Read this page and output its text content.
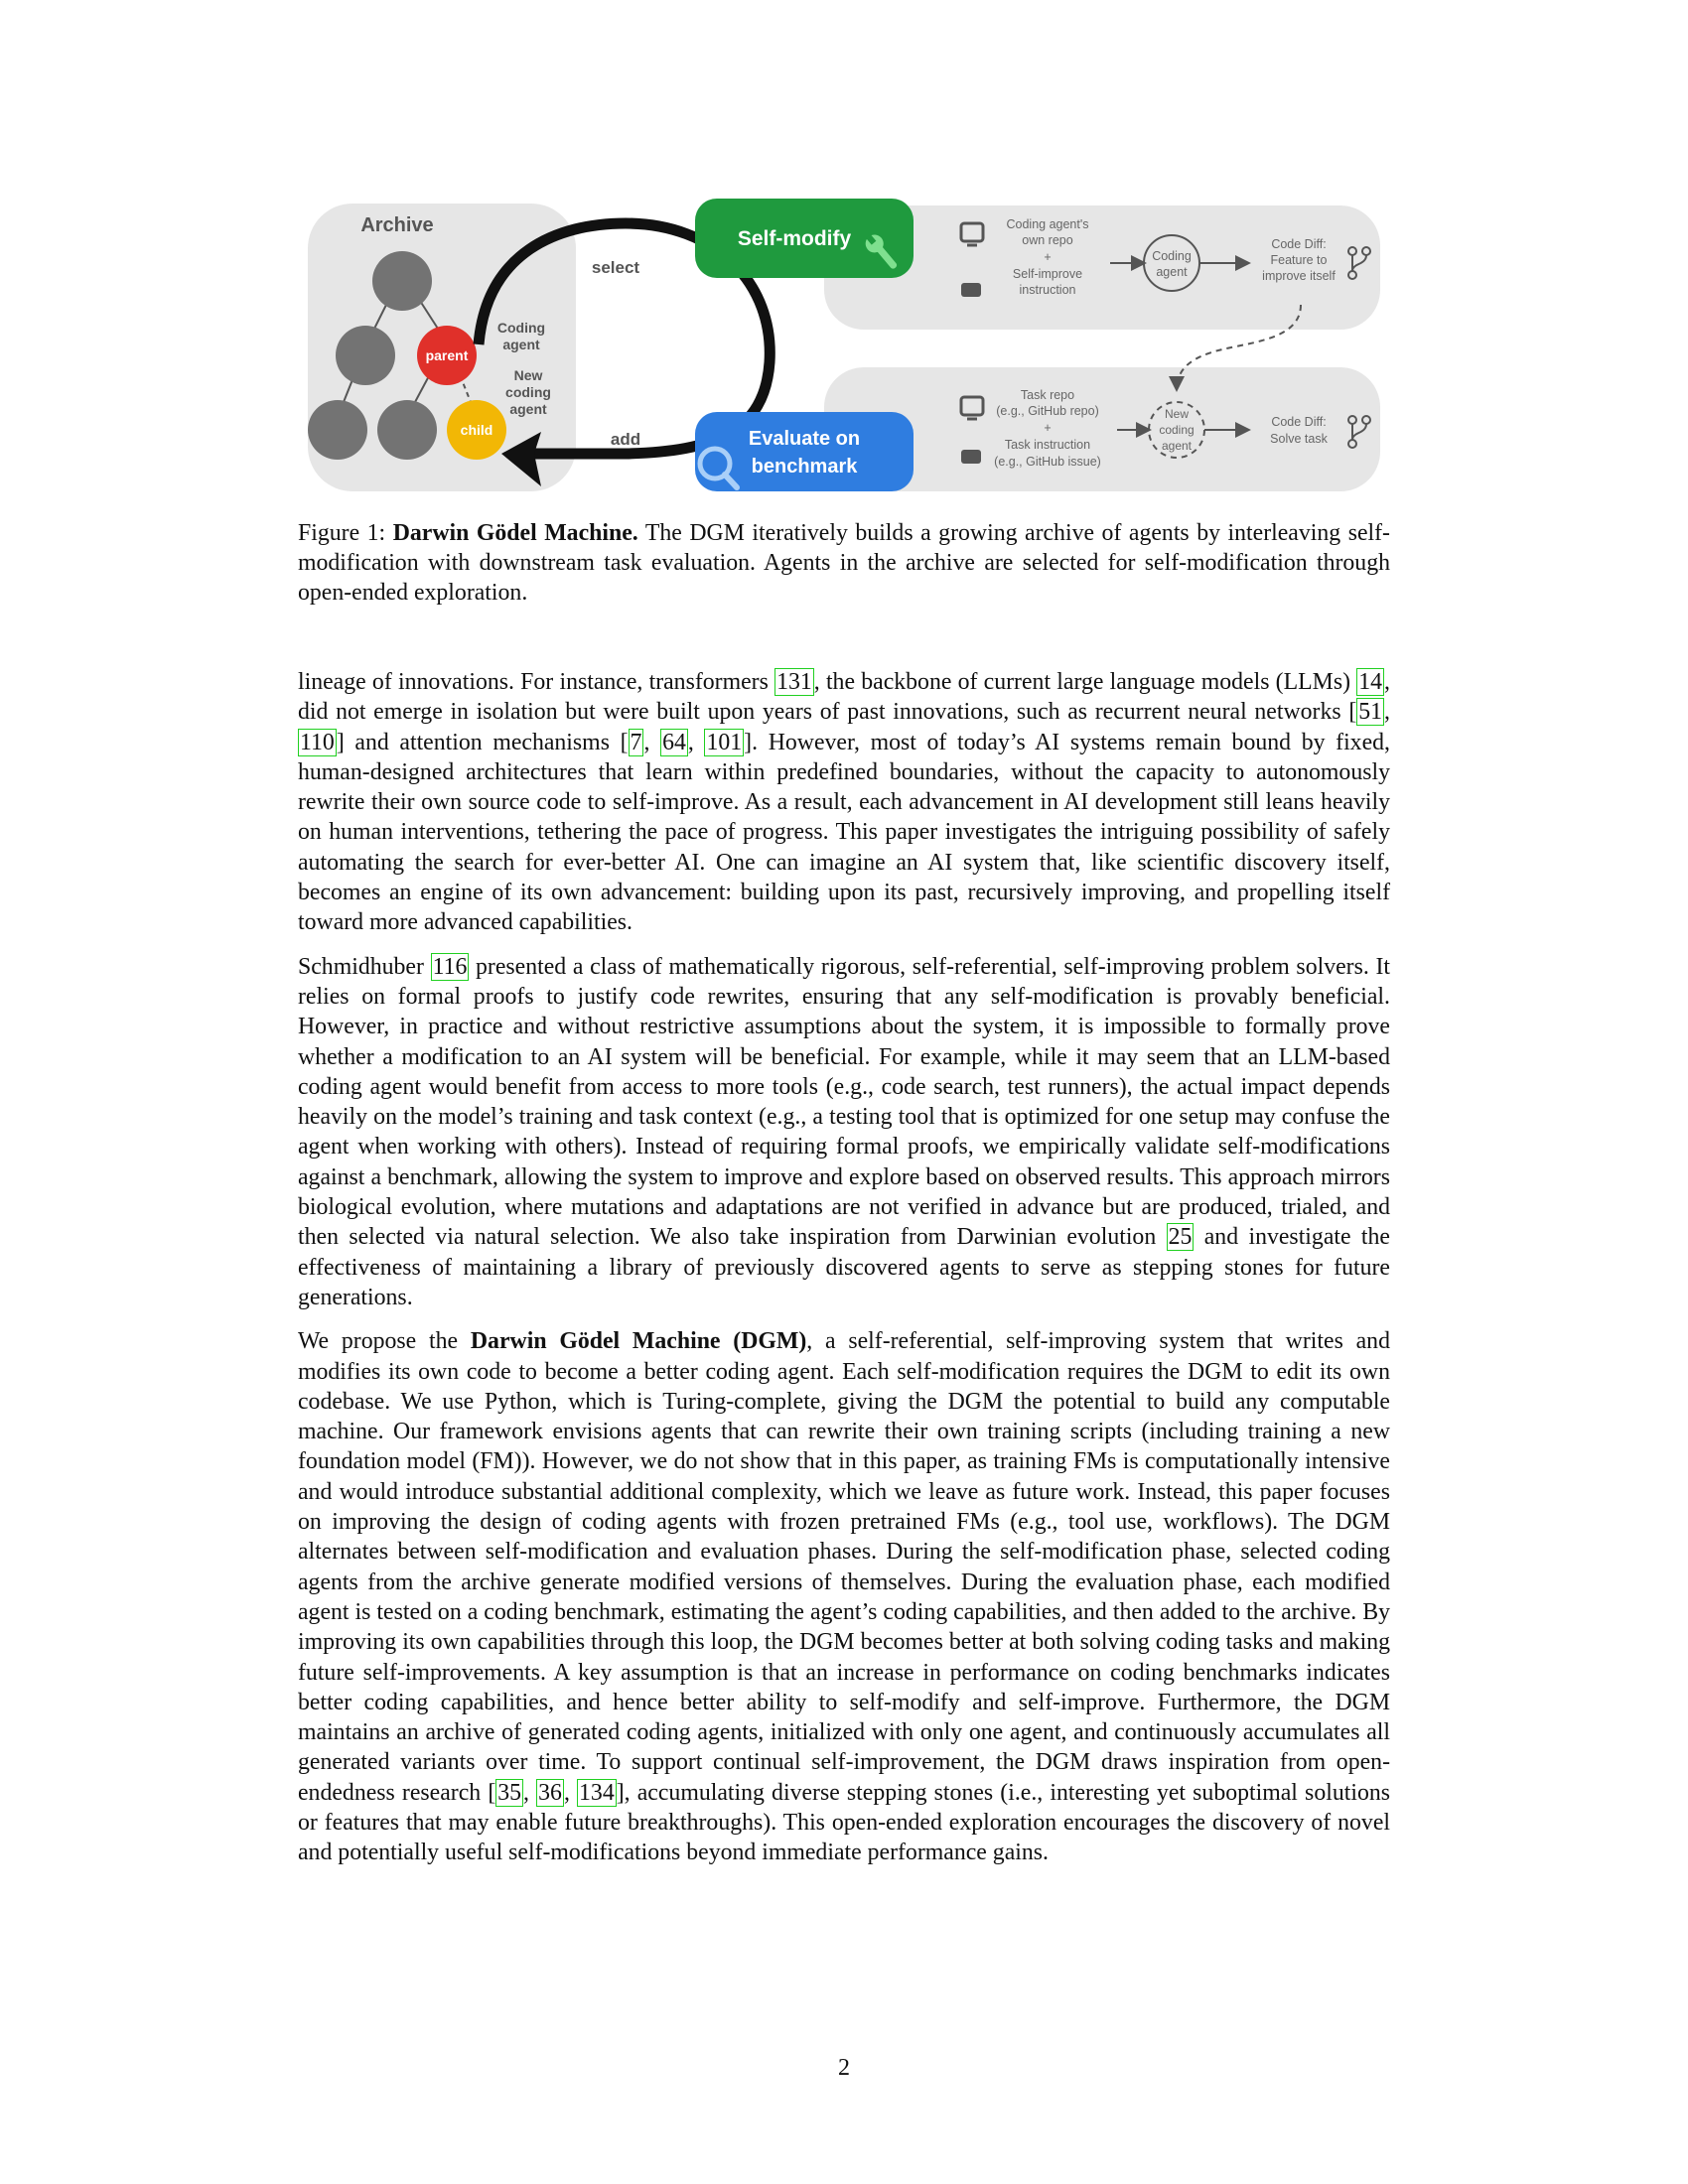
Archive
parent
child
Coding
agent
New
coding
agent
select
add
Self-modify
Evaluate on
benchmark
Coding agent's
own repo
+
Self-improve
instruction
Coding
agent
Code Diff:
Feature to
improve itself
Task repo
(e.g., GitHub repo)
+
Task instruction
(e.g., GitHub issue)
New
coding
agent
Code Diff:
Solve task
Figure 1: Darwin Gödel Machine. The DGM iteratively builds a growing archive of agents by interleaving self-modification with downstream task evaluation. Agents in the archive are selected for self-modification through open-ended exploration.

lineage of innovations. For instance, transformers 131, the backbone of current large language models (LLMs) 14, did not emerge in isolation but were built upon years of past innovations, such as recurrent neural networks [51, 110] and attention mechanisms [7, 64, 101]. However, most of today’s AI systems remain bound by fixed, human-designed architectures that learn within predefined boundaries, without the capacity to autonomously rewrite their own source code to self-improve. As a result, each advancement in AI development still leans heavily on human interventions, tethering the pace of progress. This paper investigates the intriguing possibility of safely automating the search for ever-better AI. One can imagine an AI system that, like scientific discovery itself, becomes an engine of its own advancement: building upon its past, recursively improving, and propelling itself toward more advanced capabilities.

Schmidhuber 116 presented a class of mathematically rigorous, self-referential, self-improving problem solvers. It relies on formal proofs to justify code rewrites, ensuring that any self-modification is provably beneficial. However, in practice and without restrictive assumptions about the system, it is impossible to formally prove whether a modification to an AI system will be beneficial. For example, while it may seem that an LLM-based coding agent would benefit from access to more tools (e.g., code search, test runners), the actual impact depends heavily on the model’s training and task context (e.g., a testing tool that is optimized for one setup may confuse the agent when working with others). Instead of requiring formal proofs, we empirically validate self-modifications against a benchmark, allowing the system to improve and explore based on observed results. This approach mirrors biological evolution, where mutations and adaptations are not verified in advance but are produced, trialed, and then selected via natural selection. We also take inspiration from Darwinian evolution 25 and investigate the effectiveness of maintaining a library of previously discovered agents to serve as stepping stones for future generations.

We propose the Darwin Gödel Machine (DGM), a self-referential, self-improving system that writes and modifies its own code to become a better coding agent. Each self-modification requires the DGM to edit its own codebase. We use Python, which is Turing-complete, giving the DGM the potential to build any computable machine. Our framework envisions agents that can rewrite their own training scripts (including training a new foundation model (FM)). However, we do not show that in this paper, as training FMs is computationally intensive and would introduce substantial additional complexity, which we leave as future work. Instead, this paper focuses on improving the design of coding agents with frozen pretrained FMs (e.g., tool use, workflows). The DGM alternates between self-modification and evaluation phases. During the self-modification phase, selected coding agents from the archive generate modified versions of themselves. During the evaluation phase, each modified agent is tested on a coding benchmark, estimating the agent’s coding capabilities, and then added to the archive. By improving its own capabilities through this loop, the DGM becomes better at both solving coding tasks and making future self-improvements. A key assumption is that an increase in performance on coding benchmarks indicates better coding capabilities, and hence better ability to self-modify and self-improve. Furthermore, the DGM maintains an archive of generated coding agents, initialized with only one agent, and continuously accumulates all generated variants over time. To support continual self-improvement, the DGM draws inspiration from open-endedness research [35, 36, 134], accumulating diverse stepping stones (i.e., interesting yet suboptimal solutions or features that may enable future breakthroughs). This open-ended exploration encourages the discovery of novel and potentially useful self-modifications beyond immediate performance gains.

2
